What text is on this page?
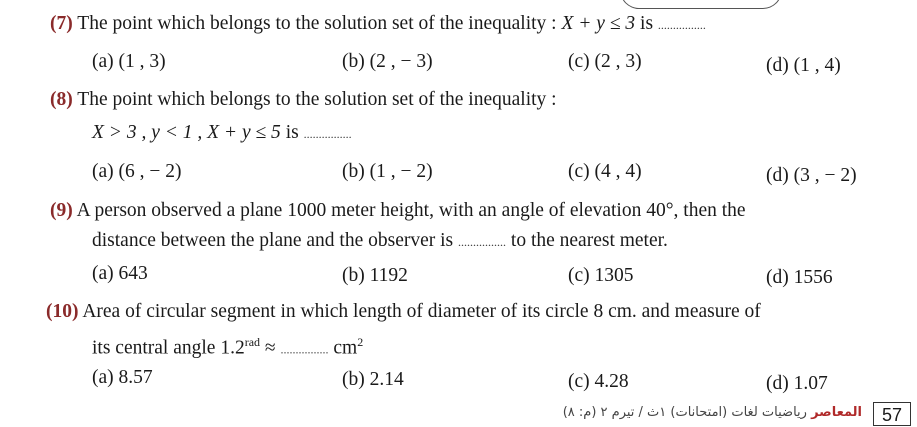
(7) The point which belongs to the solution set of the inequality : X + y ≤ 3 is ................
(a) (1 , 3)	(b) (2 , − 3)	(c) (2 , 3)	(d) (1 , 4)
(8) The point which belongs to the solution set of the inequality :
X > 3 , y < 1 , X + y ≤ 5 is ................
(a) (6 , − 2)	(b) (1 , − 2)	(c) (4 , 4)	(d) (3 , − 2)
(9) A person observed a plane 1000 meter height, with an angle of elevation 40°, then the
distance between the plane and the observer is ................ to the nearest meter.
(a) 643	(b) 1192	(c) 1305	(d) 1556
(10) Area of circular segment in which length of diameter of its circle 8 cm. and measure of
its central angle $1.2^{rad}$ ≈ ................ $cm^2$
(a) 8.57	(b) 2.14	(c) 4.28	(d) 1.07
المعاصر رياضيات لغات (امتحانات) ١ث / تيرم ٢ (م: ٨)	57
